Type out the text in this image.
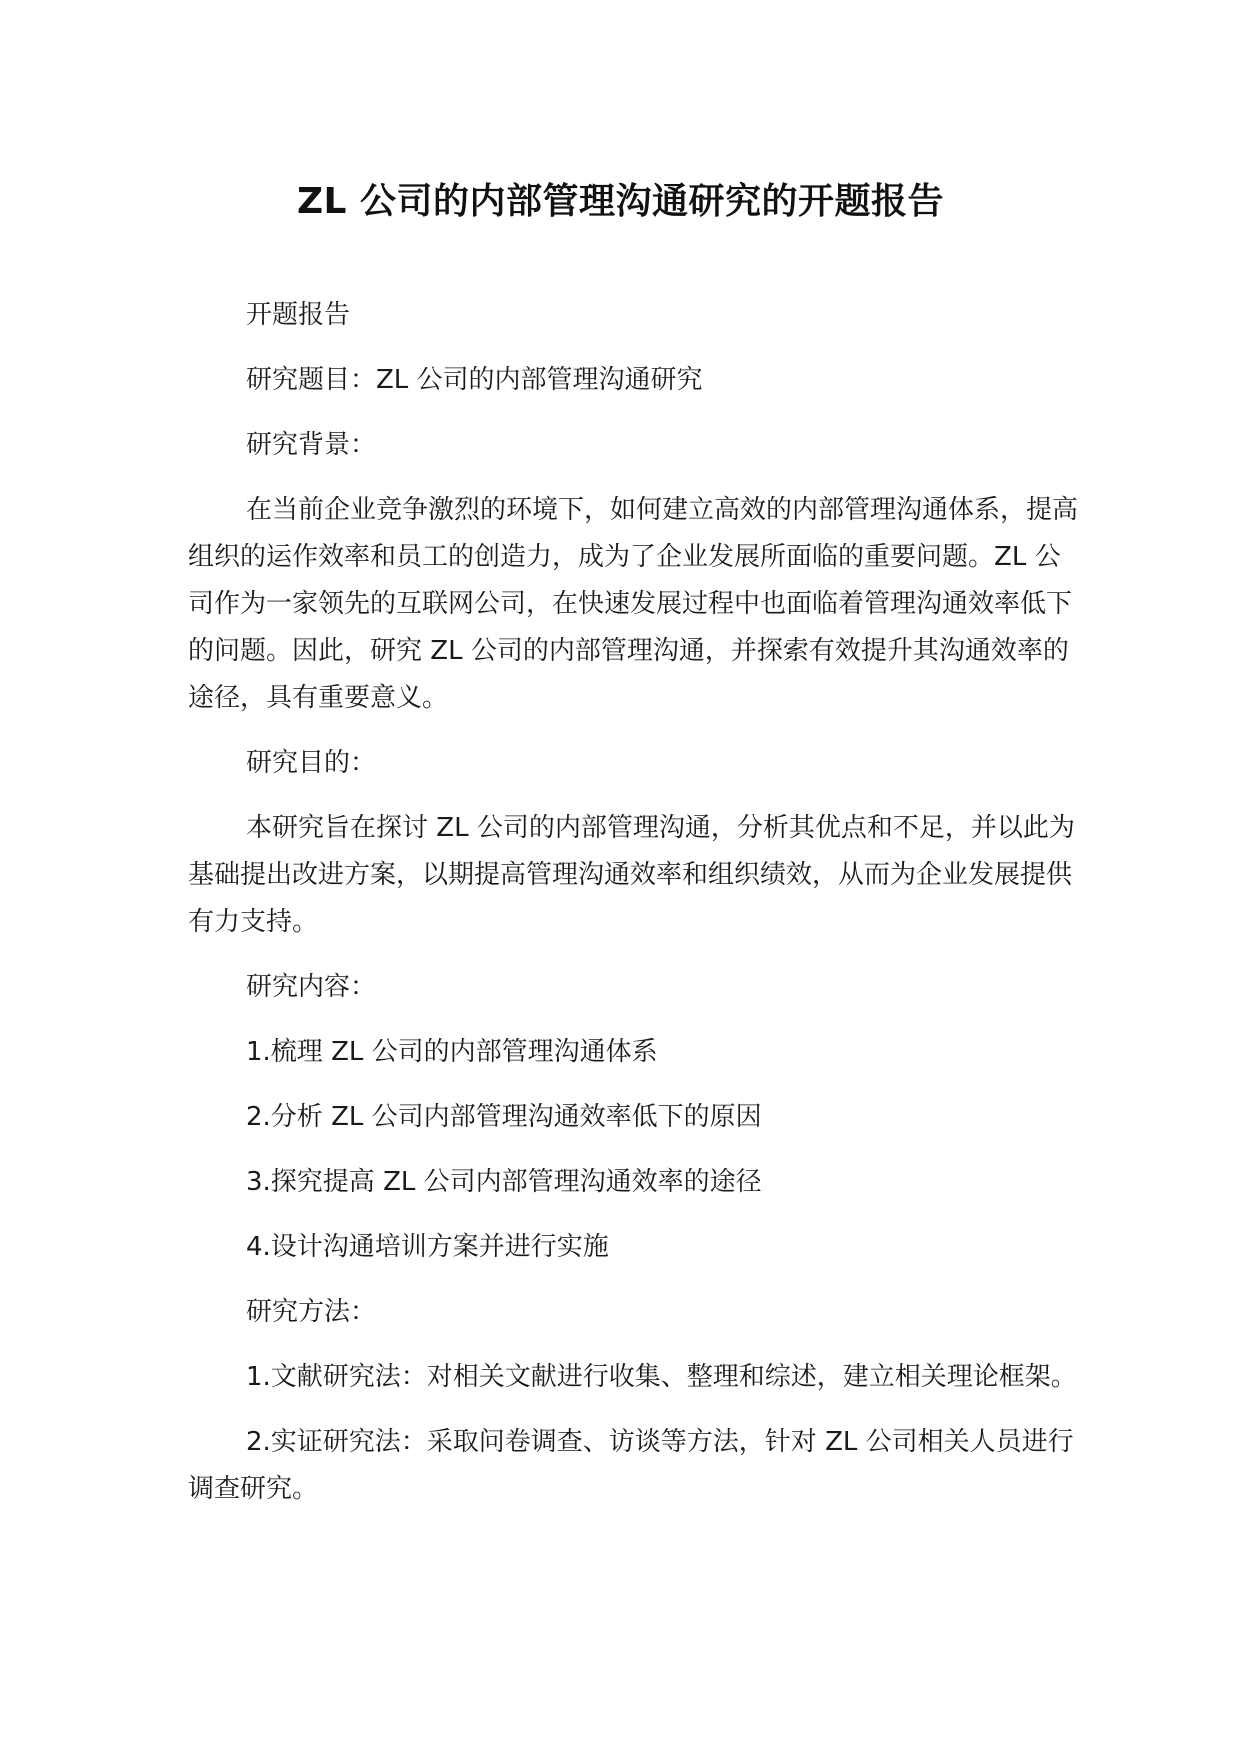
ZL 公司的内部管理沟通研究的开题报告

开题报告

研究题目：ZL 公司的内部管理沟通研究

研究背景：

在当前企业竞争激烈的环境下，如何建立高效的内部管理沟通体系，提高组织的运作效率和员工的创造力，成为了企业发展所面临的重要问题。ZL 公司作为一家领先的互联网公司，在快速发展过程中也面临着管理沟通效率低下的问题。因此，研究 ZL 公司的内部管理沟通，并探索有效提升其沟通效率的途径，具有重要意义。

研究目的：

本研究旨在探讨 ZL 公司的内部管理沟通，分析其优点和不足，并以此为基础提出改进方案，以期提高管理沟通效率和组织绩效，从而为企业发展提供有力支持。

研究内容：

1.梳理 ZL 公司的内部管理沟通体系

2.分析 ZL 公司内部管理沟通效率低下的原因

3.探究提高 ZL 公司内部管理沟通效率的途径

4.设计沟通培训方案并进行实施

研究方法：

1.文献研究法：对相关文献进行收集、整理和综述，建立相关理论框架。

2.实证研究法：采取问卷调查、访谈等方法，针对 ZL 公司相关人员进行调查研究。
